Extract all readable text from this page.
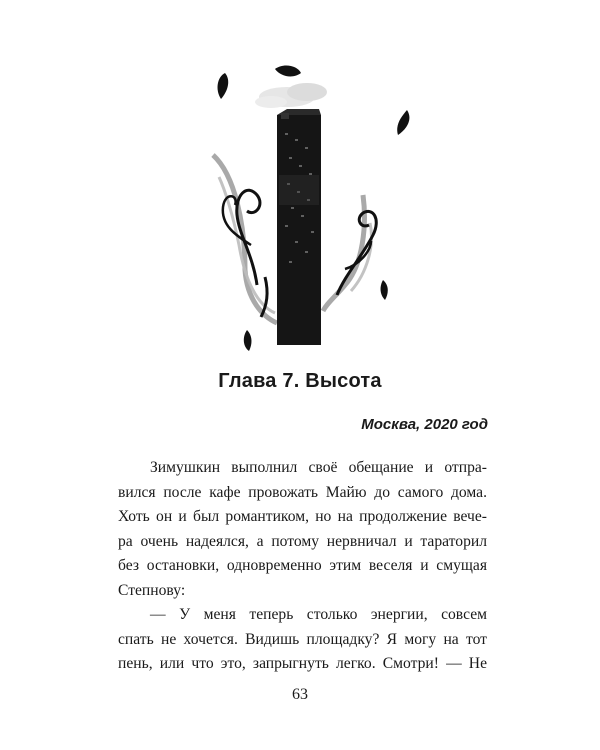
Глава 7. Высота
Москва, 2020 год
Зимушкин выполнил своё обещание и отпра-
вился после кафе провожать Майю до самого дома.
Хоть он и был романтиком, но на продолжение вече-
ра очень надеялся, а потому нервничал и тараторил
без остановки, одновременно этим веселя и смущая
Степнову:
— У меня теперь столько энергии, совсем
спать не хочется. Видишь площадку? Я могу на тот
пень, или что это, запрыгнуть легко. Смотри! — Не
63
